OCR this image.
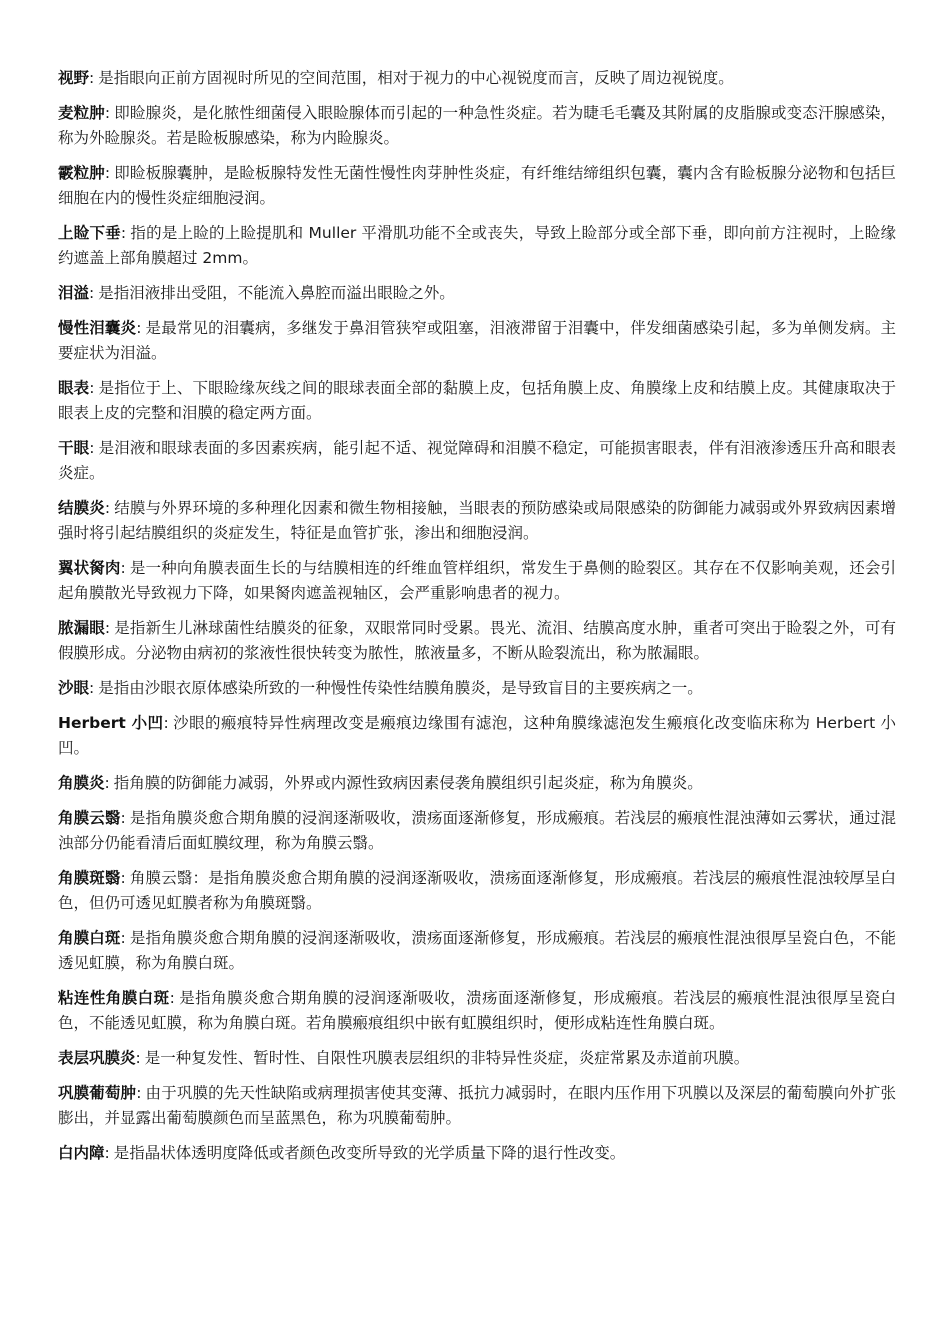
视野: 是指眼向正前方固视时所见的空间范围，相对于视力的中心视锐度而言，反映了周边视锐度。

麦粒肿: 即睑腺炎，是化脓性细菌侵入眼睑腺体而引起的一种急性炎症。若为睫毛毛囊及其附属的皮脂腺或变态汗腺感染，称为外睑腺炎。若是睑板腺感染，称为内睑腺炎。

霰粒肿: 即睑板腺囊肿，是睑板腺特发性无菌性慢性肉芽肿性炎症，有纤维结缔组织包囊，囊内含有睑板腺分泌物和包括巨细胞在内的慢性炎症细胞浸润。

上睑下垂: 指的是上睑的上睑提肌和 Muller 平滑肌功能不全或丧失，导致上睑部分或全部下垂，即向前方注视时，上睑缘约遮盖上部角膜超过 2mm。

泪溢: 是指泪液排出受阻，不能流入鼻腔而溢出眼睑之外。

慢性泪囊炎: 是最常见的泪囊病，多继发于鼻泪管狭窄或阻塞，泪液滞留于泪囊中，伴发细菌感染引起，多为单侧发病。主要症状为泪溢。

眼表: 是指位于上、下眼睑缘灰线之间的眼球表面全部的黏膜上皮，包括角膜上皮、角膜缘上皮和结膜上皮。其健康取决于眼表上皮的完整和泪膜的稳定两方面。

干眼: 是泪液和眼球表面的多因素疾病，能引起不适、视觉障碍和泪膜不稳定，可能损害眼表，伴有泪液渗透压升高和眼表炎症。

结膜炎: 结膜与外界环境的多种理化因素和微生物相接触，当眼表的预防感染或局限感染的防御能力减弱或外界致病因素增强时将引起结膜组织的炎症发生，特征是血管扩张，渗出和细胞浸润。

翼状胬肉: 是一种向角膜表面生长的与结膜相连的纤维血管样组织，常发生于鼻侧的睑裂区。其存在不仅影响美观，还会引起角膜散光导致视力下降，如果胬肉遮盖视轴区，会严重影响患者的视力。

脓漏眼: 是指新生儿淋球菌性结膜炎的征象，双眼常同时受累。畏光、流泪、结膜高度水肿，重者可突出于睑裂之外，可有假膜形成。分泌物由病初的浆液性很快转变为脓性，脓液量多，不断从睑裂流出，称为脓漏眼。

沙眼: 是指由沙眼衣原体感染所致的一种慢性传染性结膜角膜炎，是导致盲目的主要疾病之一。

Herbert 小凹: 沙眼的瘢痕特异性病理改变是瘢痕边缘围有滤泡，这种角膜缘滤泡发生瘢痕化改变临床称为 Herbert 小凹。

角膜炎: 指角膜的防御能力减弱，外界或内源性致病因素侵袭角膜组织引起炎症，称为角膜炎。

角膜云翳: 是指角膜炎愈合期角膜的浸润逐渐吸收，溃疡面逐渐修复，形成瘢痕。若浅层的瘢痕性混浊薄如云雾状，通过混浊部分仍能看清后面虹膜纹理，称为角膜云翳。

角膜斑翳: 角膜云翳：是指角膜炎愈合期角膜的浸润逐渐吸收，溃疡面逐渐修复，形成瘢痕。若浅层的瘢痕性混浊较厚呈白色，但仍可透见虹膜者称为角膜斑翳。

角膜白斑: 是指角膜炎愈合期角膜的浸润逐渐吸收，溃疡面逐渐修复，形成瘢痕。若浅层的瘢痕性混浊很厚呈瓷白色，不能透见虹膜，称为角膜白斑。

粘连性角膜白斑: 是指角膜炎愈合期角膜的浸润逐渐吸收，溃疡面逐渐修复，形成瘢痕。若浅层的瘢痕性混浊很厚呈瓷白色，不能透见虹膜，称为角膜白斑。若角膜瘢痕组织中嵌有虹膜组织时，便形成粘连性角膜白斑。

表层巩膜炎: 是一种复发性、暂时性、自限性巩膜表层组织的非特异性炎症，炎症常累及赤道前巩膜。

巩膜葡萄肿: 由于巩膜的先天性缺陷或病理损害使其变薄、抵抗力减弱时，在眼内压作用下巩膜以及深层的葡萄膜向外扩张膨出，并显露出葡萄膜颜色而呈蓝黑色，称为巩膜葡萄肿。

白内障: 是指晶状体透明度降低或者颜色改变所导致的光学质量下降的退行性改变。
